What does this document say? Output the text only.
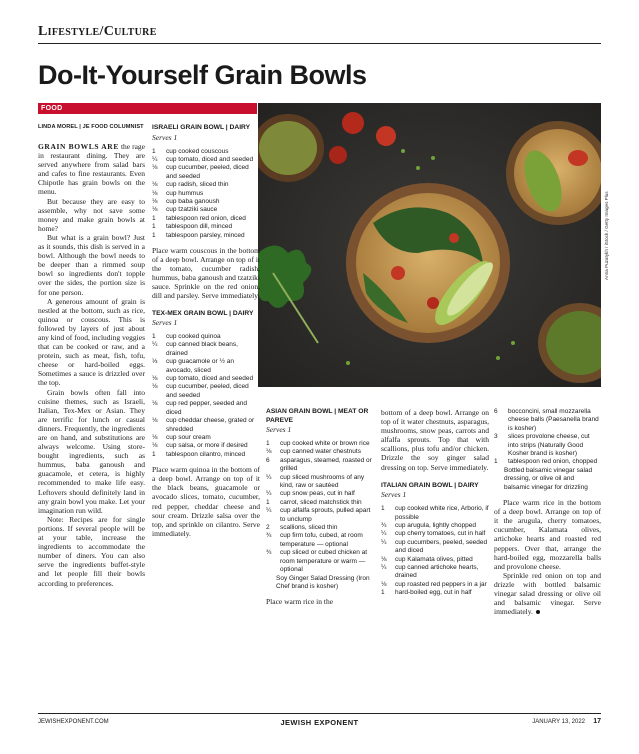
Lifestyle/Culture
Do-It-Yourself Grain Bowls
FOOD
Anna Puzatykh / iStock / Getty Images Plus
LINDA MOREL | JE FOOD COLUMNIST

GRAIN BOWLS ARE the rage in restaurant dining. They are served anywhere from salad bars and cafes to fine restaurants. Even Chipotle has grain bowls on the menu.

But because they are easy to assemble, why not save some money and make grain bowls at home?

But what is a grain bowl? Just as it sounds, this dish is served in a bowl. Although the bowl needs to be deeper than a rimmed soup bowl so ingredients don't topple over the sides, the portion size is for one person.

A generous amount of grain is nestled at the bottom, such as rice, quinoa or couscous. This is followed by layers of just about any kind of food, including veggies that can be cooked or raw, and a protein, such as meat, fish, tofu, cheese or hard-boiled eggs. Sometimes a sauce is drizzled over the top.

Grain bowls often fall into cuisine themes, such as Israeli, Italian, Tex-Mex or Asian. They are terrific for lunch or casual dinners. Frequently, the ingredients are on hand, and substitutions are always welcome. Using store-bought ingredients, such as hummus, baba ganoush and guacamole, et cetera, is highly recommended to make life easy. Leftovers should definitely land in any grain bowl you make. Let your imagination run wild.

Note: Recipes are for single portions. If several people will be at your table, increase the ingredients to accommodate the number of diners. You can also serve the ingredients buffet-style and let people fill their bowls according to preferences.

ISRAELI GRAIN BOWL | DAIRY

Serves 1

1	cup cooked couscous
¼	cup tomato, diced and seeded
⅛	cup cucumber, peeled, diced and seeded
⅛	cup radish, sliced thin
⅛	cup hummus
⅛	cup baba ganoush
⅛	cup tzatziki sauce
1	tablespoon red onion, diced
1	tablespoon dill, minced
1	tablespoon parsley, minced

Place warm couscous in the bottom of a deep bowl. Arrange on top of it the tomato, cucumber radish, hummus, baba ganoush and tzatziki sauce. Sprinkle on the red onion, dill and parsley. Serve immediately.

TEX-MEX GRAIN BOWL | DAIRY

Serves 1

1	cup cooked quinoa
¼	cup canned black beans, drained
⅓	cup guacamole or ½ an avocado, sliced
⅛	cup tomato, diced and seeded
⅛	cup cucumber, peeled, diced and seeded
⅛	cup red pepper, seeded and diced
⅛	cup cheddar cheese, grated or shredded
⅛	cup sour cream
⅛	cup salsa, or more if desired
1	tablespoon cilantro, minced

Place warm quinoa in the bottom of a deep bowl. Arrange on top of it the black beans, guacamole or avocado slices, tomato, cucumber, red pepper, cheddar cheese and sour cream. Drizzle salsa over the top, and sprinkle on cilantro. Serve immediately.

ASIAN GRAIN BOWL | MEAT OR PAREVE

Serves 1

1	cup cooked white or brown rice
⅛	cup canned water chestnuts
6	asparagus, steamed, roasted or grilled
¼	cup sliced mushrooms of any kind, raw or sautéed
¼	cup snow peas, cut in half
1	carrot, sliced matchstick thin
¼	cup alfalfa sprouts, pulled apart to unclump
2	scallions, sliced thin
¾	cup firm tofu, cubed, at room temperature — optional
¾	cup sliced or cubed chicken at room temperature or warm — optional
Soy Ginger Salad Dressing (Iron Chef brand is kosher)

Place warm rice in the

bottom of a deep bowl. Arrange on top of it water chestnuts, asparagus, mushrooms, snow peas, carrots and alfalfa sprouts. Top that with scallions, plus tofu and/or chicken. Drizzle the soy ginger salad dressing on top. Serve immediately.

ITALIAN GRAIN BOWL | DAIRY

Serves 1

1	cup cooked white rice, Arborio, if possible
¾	cup arugula, lightly chopped
¼	cup cherry tomatoes, cut in half
¼	cup cucumbers, peeled, seeded and diced
⅛	cup Kalamata olives, pitted
¼	cup canned artichoke hearts, drained
⅛	cup roasted red peppers in a jar
1	hard-boiled egg, cut in half
6	bocconcini, small mozzarella cheese balls (Paesanella brand is kosher)
3	slices provolone cheese, cut into strips (Naturally Good Kosher brand is kosher)
1	tablespoon red onion, chopped
Bottled balsamic vinegar salad dressing, or olive oil and balsamic vinegar for drizzling

Place warm rice in the bottom of a deep bowl. Arrange on top of it the arugula, cherry tomatoes, cucumber, Kalamata olives, artichoke hearts and roasted red peppers. Over that, arrange the hard-boiled egg, mozzarella balls and provolone cheese.

Sprinkle red onion on top and drizzle with bottled balsamic vinegar salad dressing or olive oil and balsamic vinegar. Serve immediately.

JEWISHEXPONENT.COM	JEWISH EXPONENT	JANUARY 13, 2022 17
